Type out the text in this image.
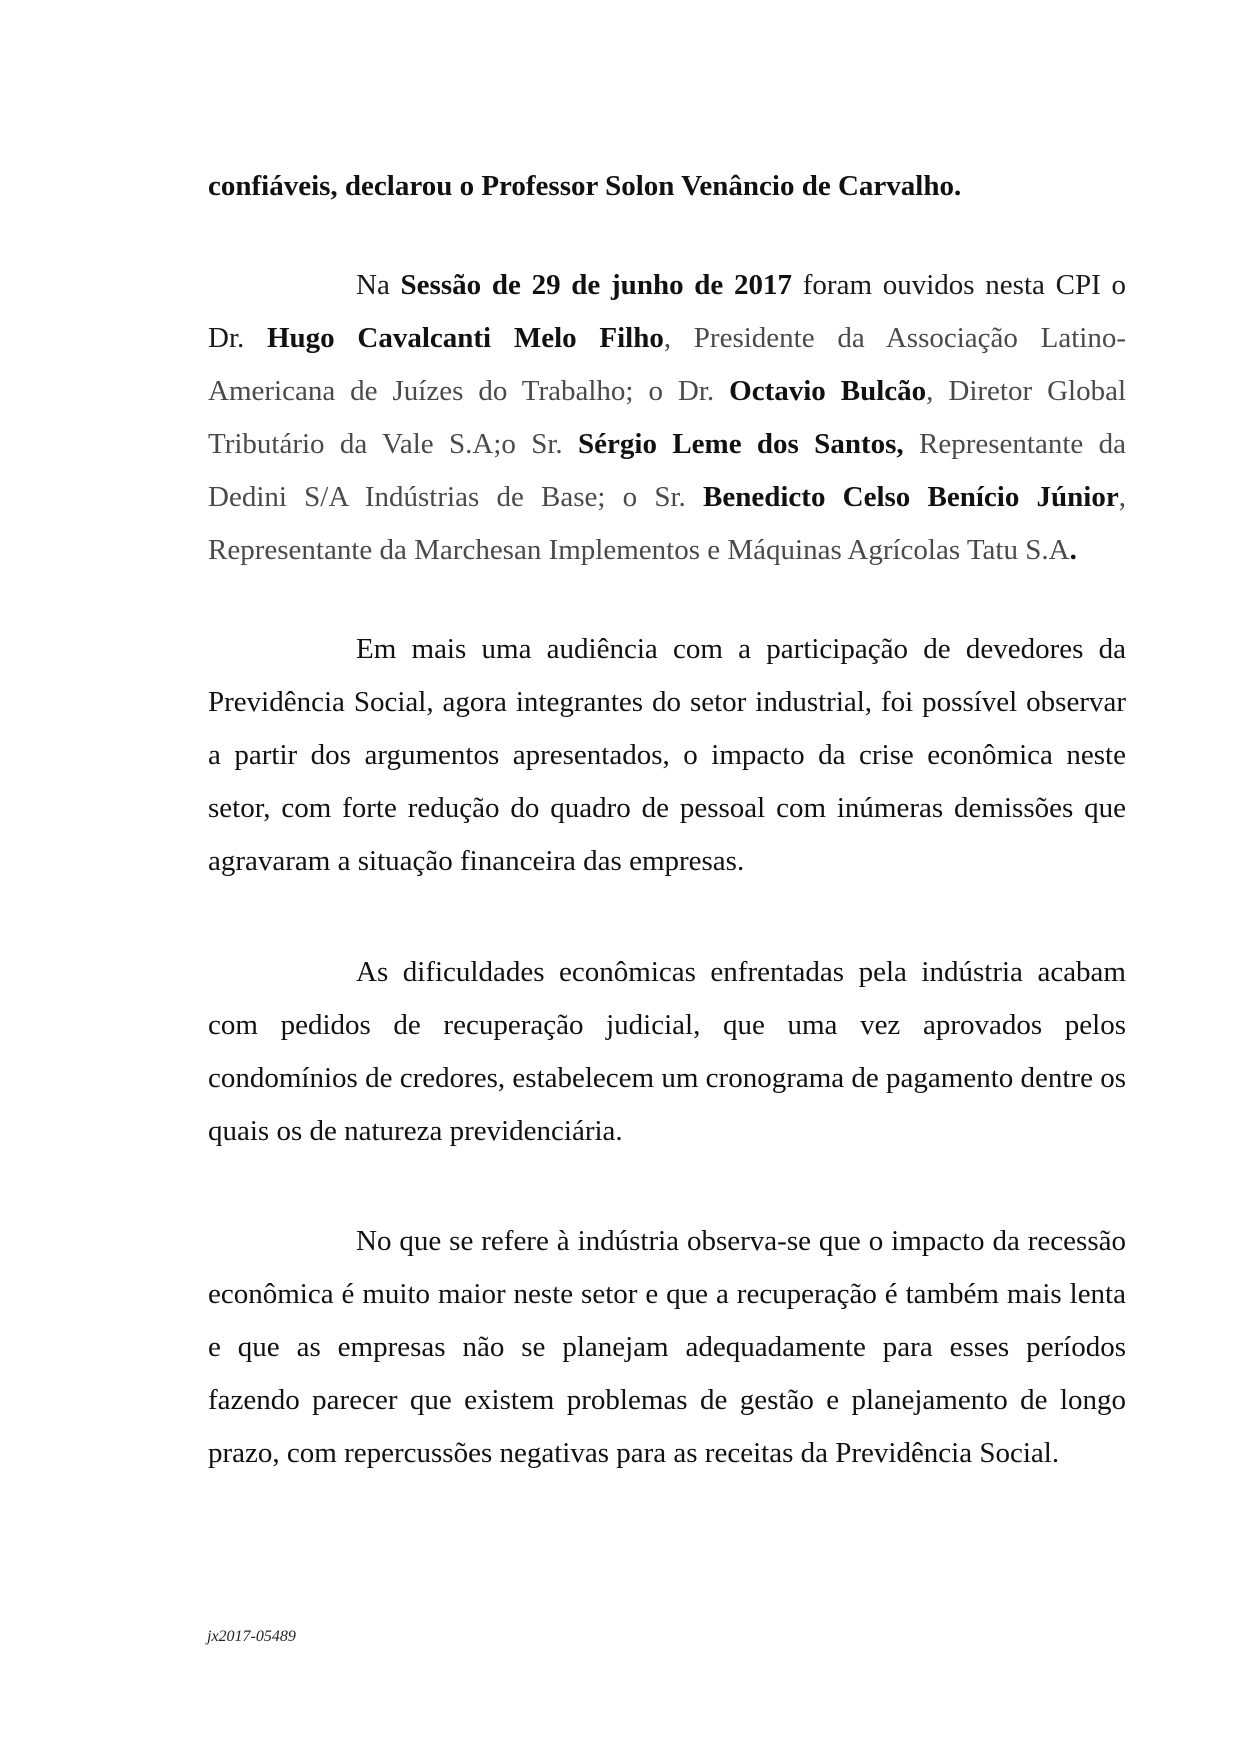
confiáveis, declarou o Professor Solon Venâncio de Carvalho.

Na Sessão de 29 de junho de 2017 foram ouvidos nesta CPI o Dr. Hugo Cavalcanti Melo Filho, Presidente da Associação Latino-Americana de Juízes do Trabalho; o Dr. Octavio Bulcão, Diretor Global Tributário da Vale S.A;o Sr. Sérgio Leme dos Santos, Representante da Dedini S/A Indústrias de Base; o Sr. Benedicto Celso Benício Júnior, Representante da Marchesan Implementos e Máquinas Agrícolas Tatu S.A.

Em mais uma audiência com a participação de devedores da Previdência Social, agora integrantes do setor industrial, foi possível observar a partir dos argumentos apresentados, o impacto da crise econômica neste setor, com forte redução do quadro de pessoal com inúmeras demissões que agravaram a situação financeira das empresas.

As dificuldades econômicas enfrentadas pela indústria acabam com pedidos de recuperação judicial, que uma vez aprovados pelos condomínios de credores, estabelecem um cronograma de pagamento dentre os quais os de natureza previdenciária.

No que se refere à indústria observa-se que o impacto da recessão econômica é muito maior neste setor e que a recuperação é também mais lenta e que as empresas não se planejam adequadamente para esses períodos fazendo parecer que existem problemas de gestão e planejamento de longo prazo, com repercussões negativas para as receitas da Previdência Social.

jx2017-05489
